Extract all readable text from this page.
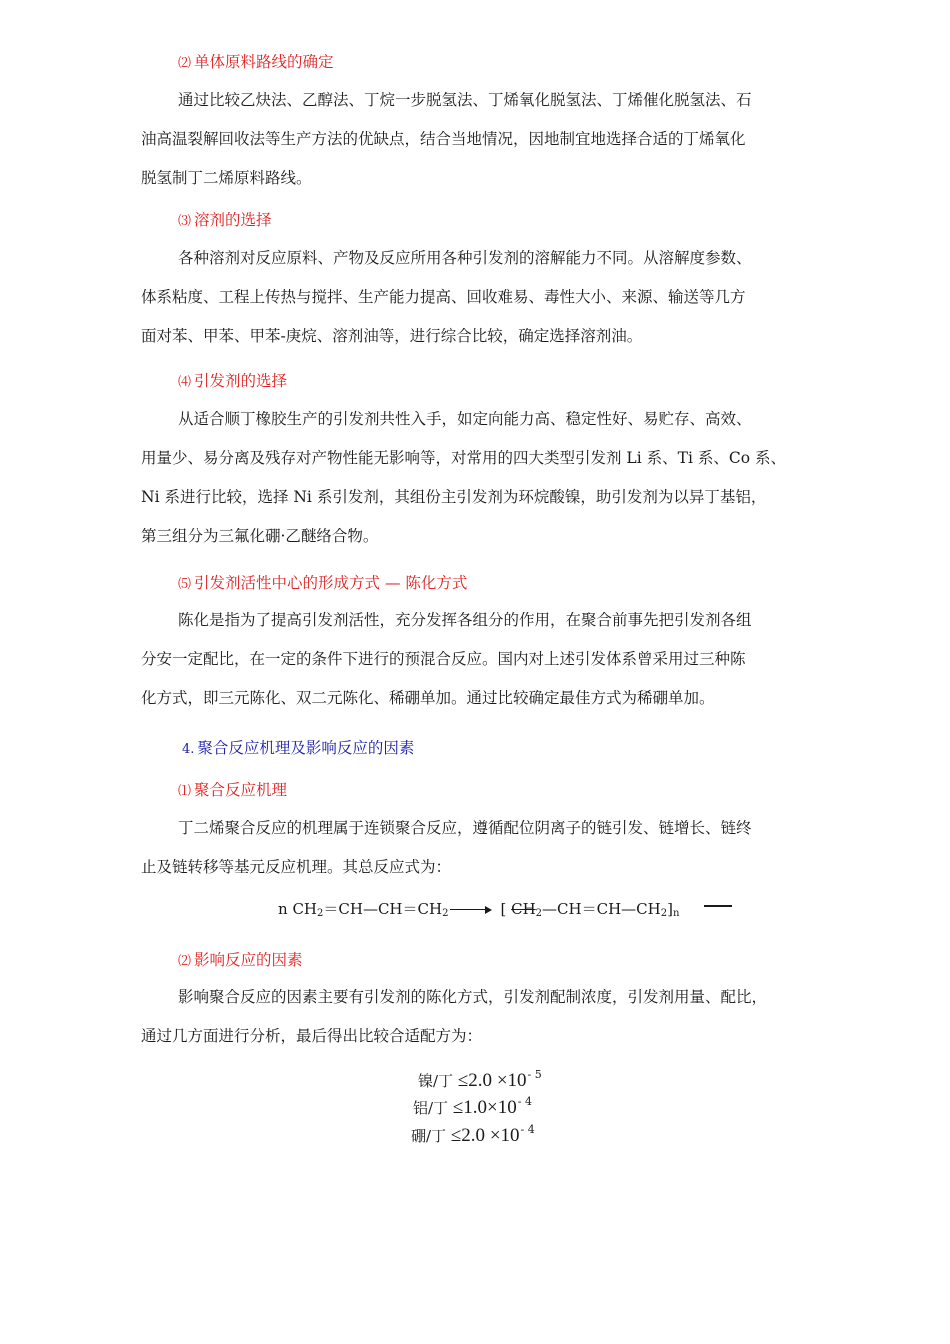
⑵ 单体原料路线的确定
通过比较乙炔法、乙醇法、丁烷一步脱氢法、丁烯氧化脱氢法、丁烯催化脱氢法、石
油高温裂解回收法等生产方法的优缺点，结合当地情况，因地制宜地选择合适的丁烯氧化
脱氢制丁二烯原料路线。
⑶ 溶剂的选择
各种溶剂对反应原料、产物及反应所用各种引发剂的溶解能力不同。从溶解度参数、
体系粘度、工程上传热与搅拌、生产能力提高、回收难易、毒性大小、来源、输送等几方
面对苯、甲苯、甲苯-庚烷、溶剂油等，进行综合比较，确定选择溶剂油。
⑷ 引发剂的选择
从适合顺丁橡胶生产的引发剂共性入手，如定向能力高、稳定性好、易贮存、高效、
用量少、易分离及残存对产物性能无影响等，对常用的四大类型引发剂 Li 系、Ti 系、Co 系、
Ni 系进行比较，选择 Ni 系引发剂，其组份主引发剂为环烷酸镍，助引发剂为以异丁基铝，
第三组分为三氟化硼·乙醚络合物。
⑸ 引发剂活性中心的形成方式 — 陈化方式
陈化是指为了提高引发剂活性，充分发挥各组分的作用，在聚合前事先把引发剂各组
分安一定配比，在一定的条件下进行的预混合反应。国内对上述引发体系曾采用过三种陈
化方式，即三元陈化、双二元陈化、稀硼单加。通过比较确定最佳方式为稀硼单加。
4. 聚合反应机理及影响反应的因素
⑴ 聚合反应机理
丁二烯聚合反应的机理属于连锁聚合反应，遵循配位阴离子的链引发、链增长、链终
止及链转移等基元反应机理。其总反应式为：
n $CH_2=CH—CH=CH_2$	[ $CH_2—CH=CH—CH_2]_n$
⑵ 影响反应的因素
影响聚合反应的因素主要有引发剂的陈化方式，引发剂配制浓度，引发剂用量、配比，
通过几方面进行分析，最后得出比较合适配方为：
镍/丁 $\le 2.0 \times 10^{- 5}$
铝/丁 $\le 1.0\times 10^{- 4}$
硼/丁 $\le 2.0 \times 10^{- 4}$
